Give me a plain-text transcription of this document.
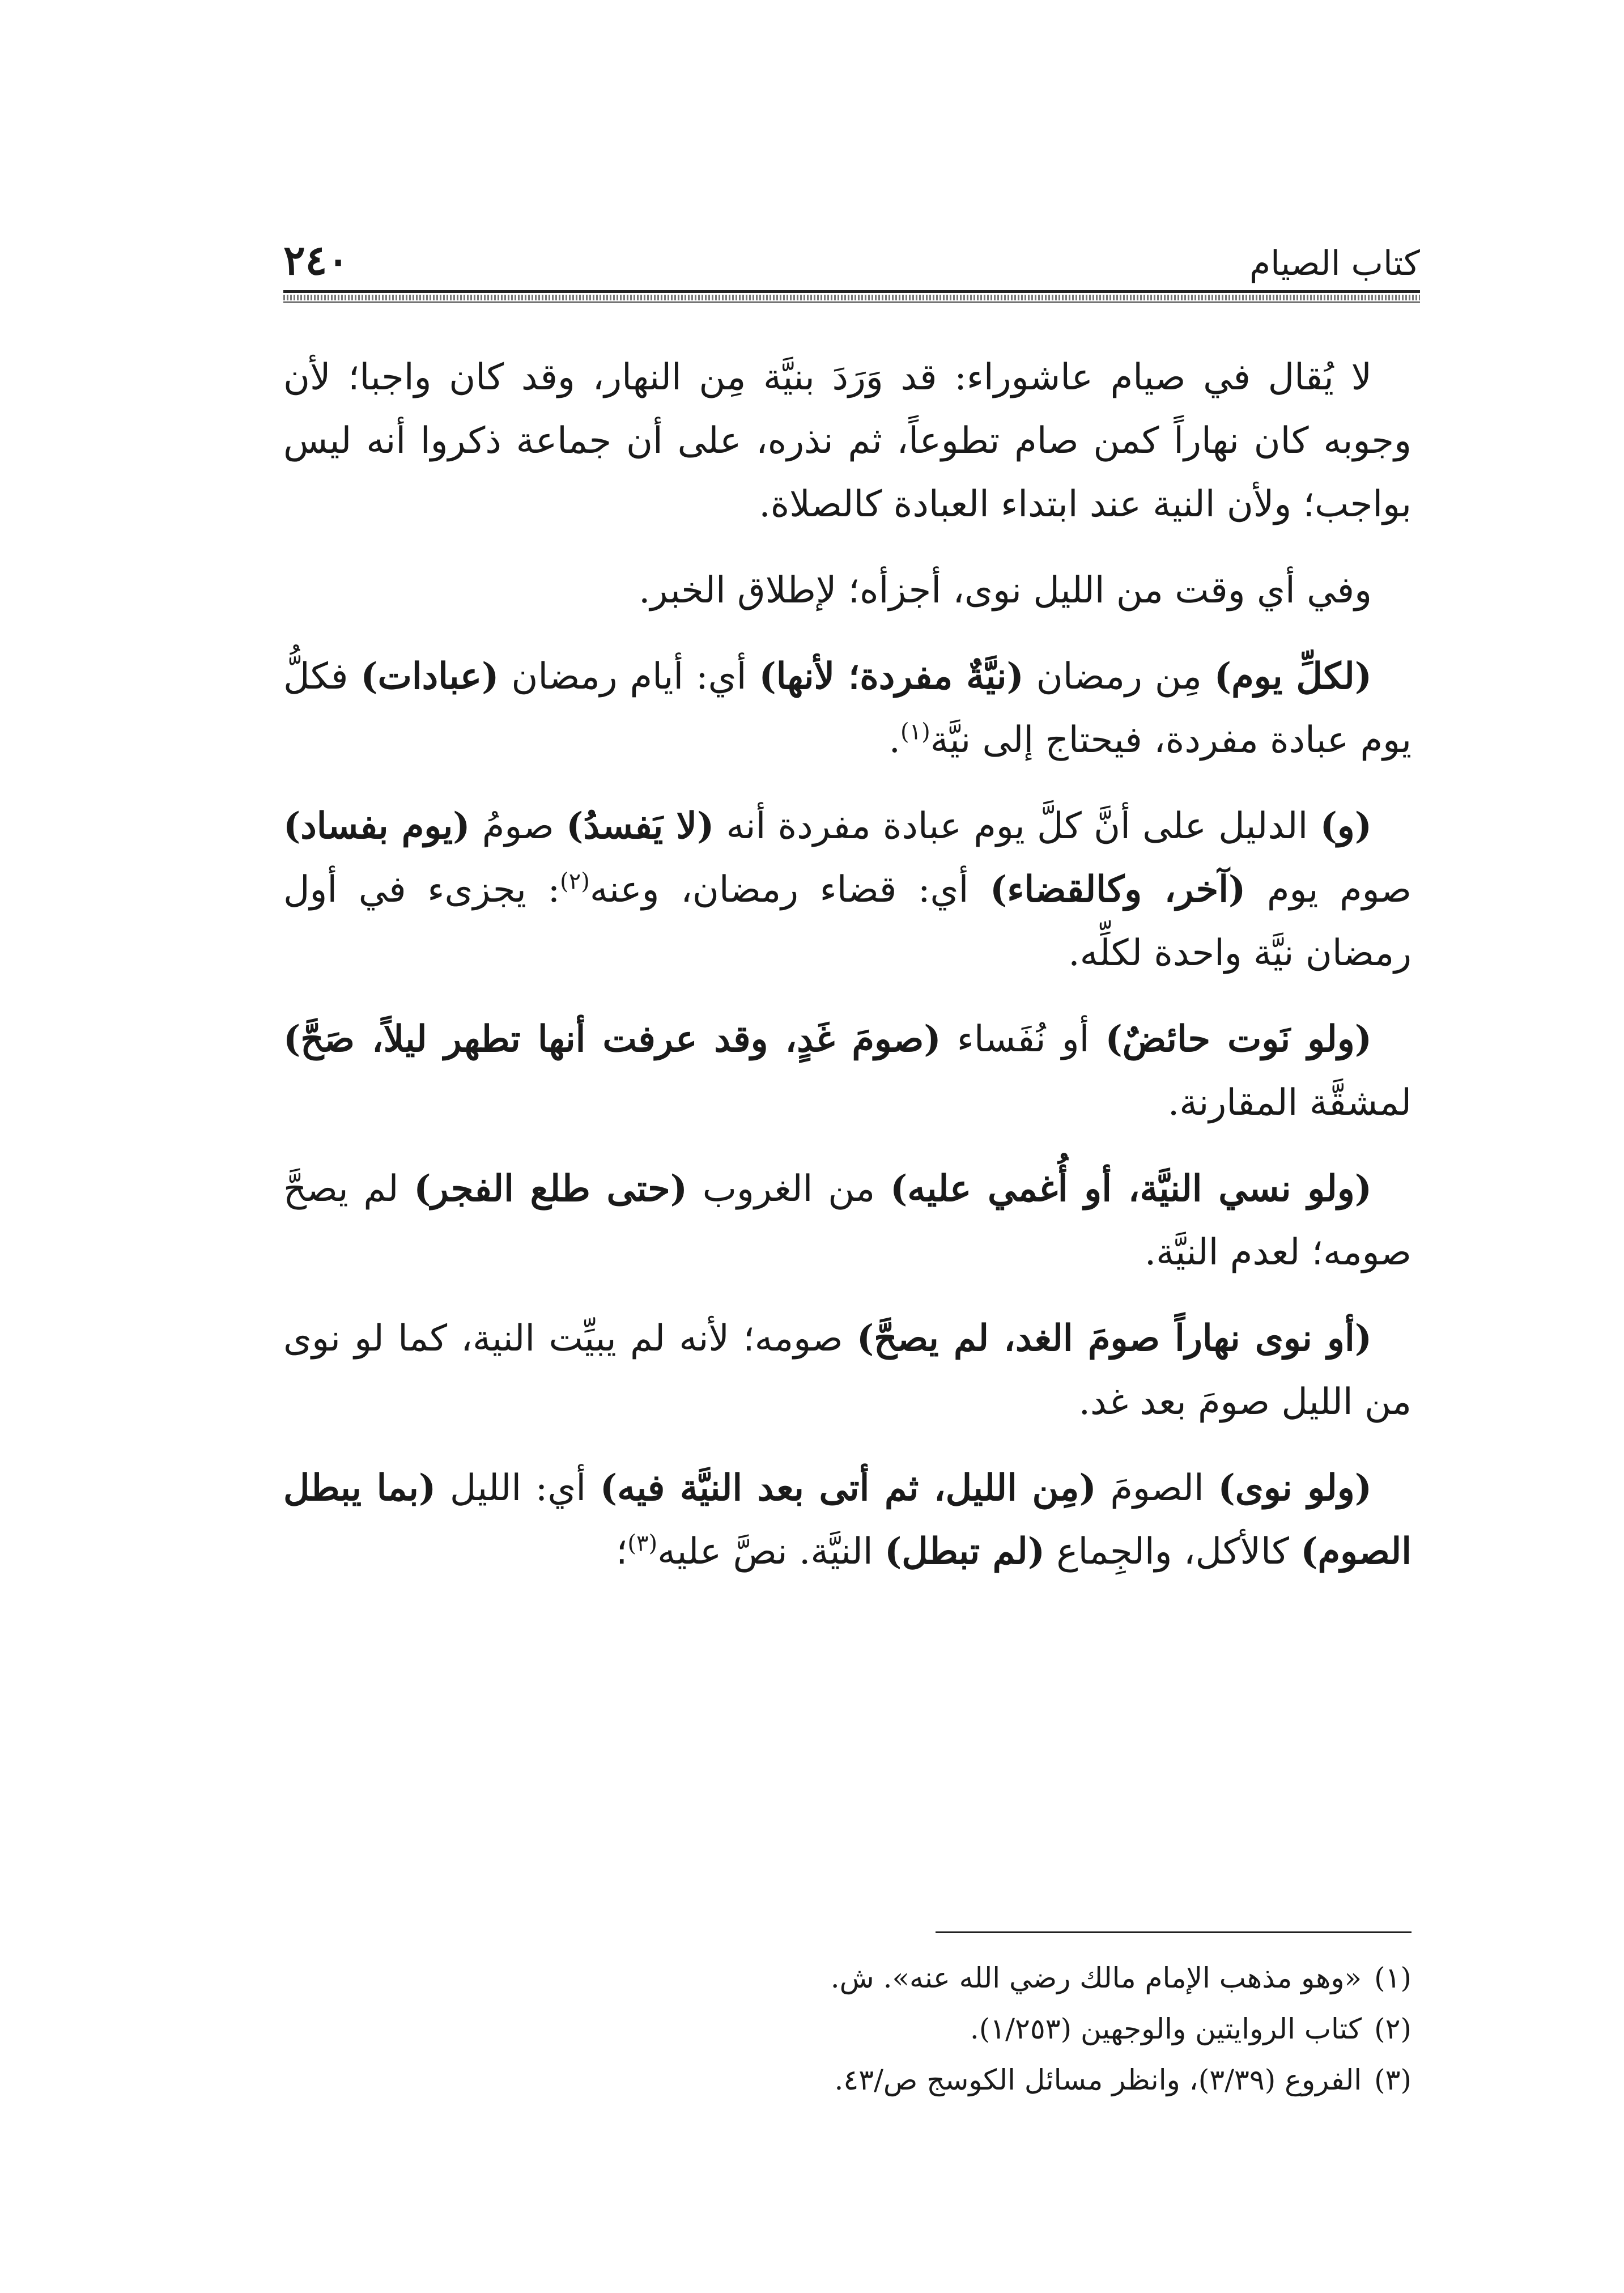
كتاب الصيام
٢٤٠

لا يُقال في صيام عاشوراء: قد وَرَدَ بنيَّة مِن النهار، وقد كان واجبا؛ لأن وجوبه كان نهاراً كمن صام تطوعاً، ثم نذره، على أن جماعة ذكروا أنه ليس بواجب؛ ولأن النية عند ابتداء العبادة كالصلاة.

وفي أي وقت من الليل نوى، أجزأه؛ لإطلاق الخبر.

(لكلِّ يوم) مِن رمضان (نيَّةٌ مفردة؛ لأنها) أي: أيام رمضان (عبادات) فكلُّ يوم عبادة مفردة، فيحتاج إلى نيَّة$^{(١)}$.

(و) الدليل على أنَّ كلَّ يوم عبادة مفردة أنه (لا يَفسدُ) صومُ (يوم بفساد) صوم يوم (آخر، وكالقضاء) أي: قضاء رمضان، وعنه$^{(٢)}$: يجزىء في أول رمضان نيَّة واحدة لكلِّه.

(ولو نَوت حائضٌ) أو نُفَساء (صومَ غَدٍ، وقد عرفت أنها تطهر ليلاً، صَحَّ) لمشقَّة المقارنة.

(ولو نسي النيَّة، أو أُغمي عليه) من الغروب (حتى طلع الفجر) لم يصحَّ صومه؛ لعدم النيَّة.

(أو نوى نهاراً صومَ الغد، لم يصحَّ) صومه؛ لأنه لم يبيِّت النية، كما لو نوى من الليل صومَ بعد غد.

(ولو نوى) الصومَ (مِن الليل، ثم أتى بعد النيَّة فيه) أي: الليل (بما يبطل الصوم) كالأكل، والجِماع (لم تبطل) النيَّة. نصَّ عليه$^{(٣)}$؛

(١)«وهو مذهب الإمام مالك رضي الله عنه». ش.

(٢)كتاب الروايتين والوجهين (١/٢٥٣).

(٣)الفروع (٣/٣٩)، وانظر مسائل الكوسج ص/٤٣.
